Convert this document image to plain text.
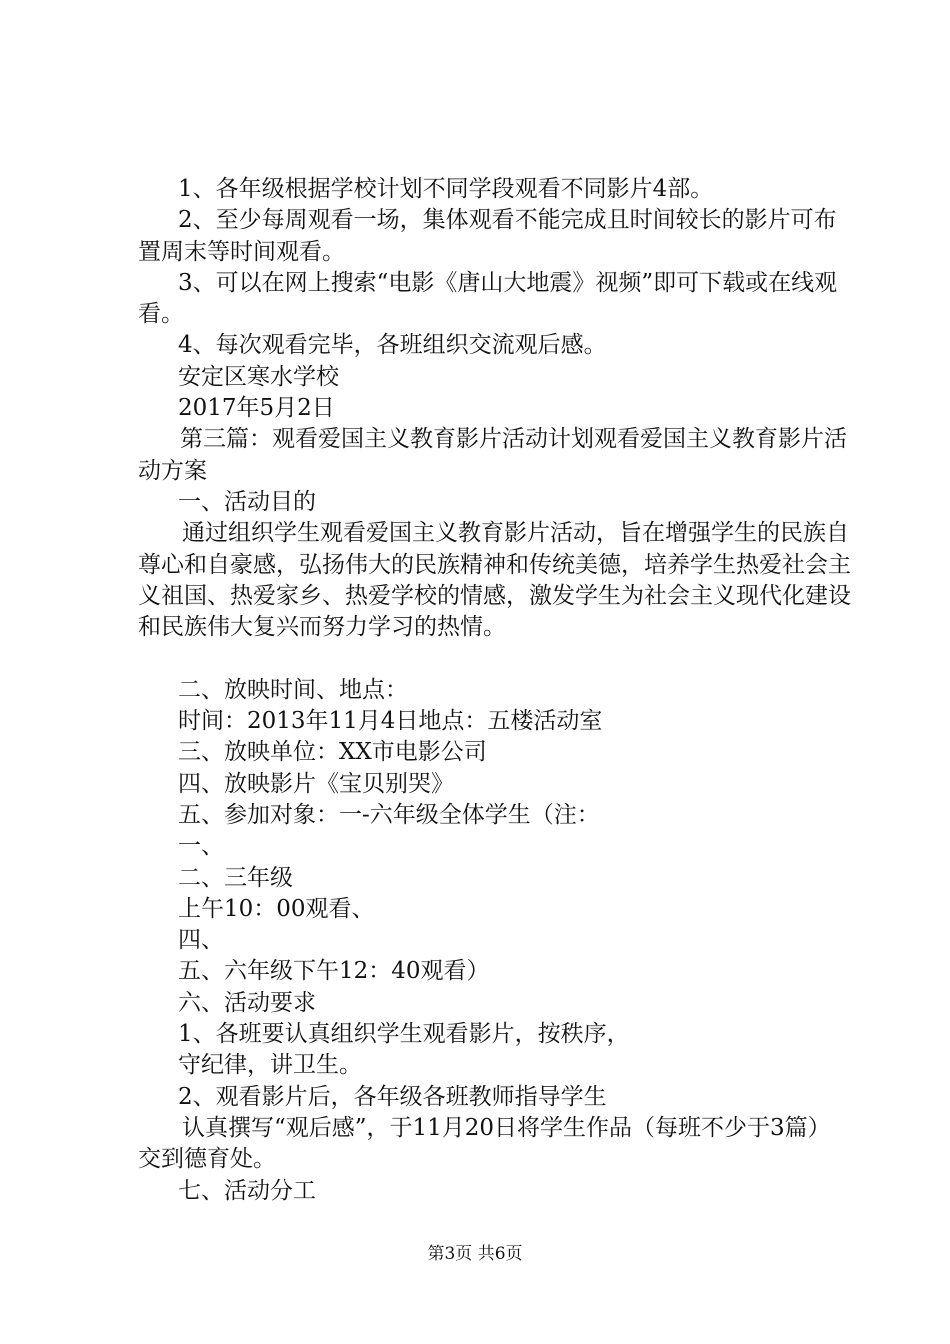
1、各年级根据学校计划不同学段观看不同影片4部。
2、至少每周观看一场，集体观看不能完成且时间较长的影片可布置周末等时间观看。
3、可以在网上搜索“电影《唐山大地震》视频”即可下载或在线观看。
4、每次观看完毕，各班组织交流观后感。
安定区寒水学校
2017年5月2日
第三篇：观看爱国主义教育影片活动计划观看爱国主义教育影片活动方案
一、活动目的
通过组织学生观看爱国主义教育影片活动，旨在增强学生的民族自尊心和自豪感，弘扬伟大的民族精神和传统美德，培养学生热爱社会主义祖国、热爱家乡、热爱学校的情感，激发学生为社会主义现代化建设和民族伟大复兴而努力学习的热情。
二、放映时间、地点：
时间：2013年11月4日地点：五楼活动室
三、放映单位：XX市电影公司
四、放映影片《宝贝别哭》
五、参加对象：一-六年级全体学生（注：
一、
二、三年级
上午10：00观看、
四、
五、六年级下午12：40观看）
六、活动要求
1、各班要认真组织学生观看影片，按秩序，
守纪律，讲卫生。
2、观看影片后，各年级各班教师指导学生
认真撰写“观后感”，于11月20日将学生作品（每班不少于3篇）交到德育处。
七、活动分工
第3页 共6页
